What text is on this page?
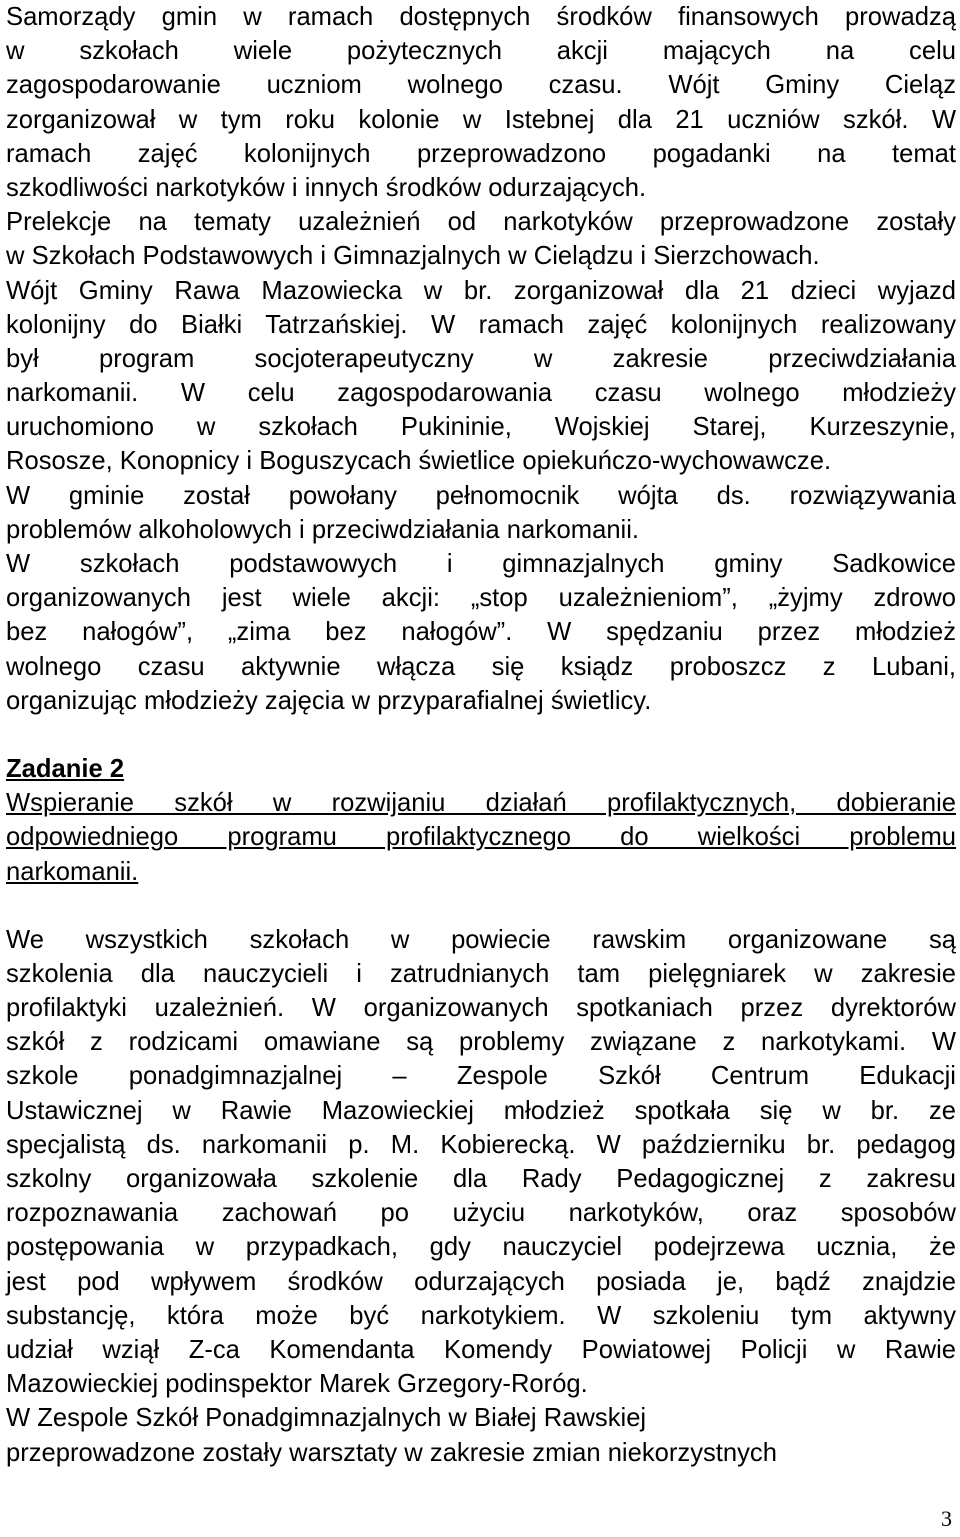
Samorządy gmin w ramach dostępnych środków finansowych prowadzą
w szkołach wiele pożytecznych akcji mających na celu
zagospodarowanie uczniom wolnego czasu. Wójt Gminy Cieląz
zorganizował w tym roku kolonie w Istebnej dla 21 uczniów szkół. W
ramach zajęć kolonijnych przeprowadzono pogadanki na temat
szkodliwości narkotyków i innych środków odurzających.
Prelekcje na tematy uzależnień od narkotyków przeprowadzone zostały
w Szkołach Podstawowych i Gimnazjalnych w Cielądzu i Sierzchowach.
Wójt Gminy Rawa Mazowiecka w br. zorganizował dla 21 dzieci wyjazd
kolonijny do Białki Tatrzańskiej. W ramach zajęć kolonijnych realizowany
był program socjoterapeutyczny w zakresie przeciwdziałania
narkomanii. W celu zagospodarowania czasu wolnego młodzieży
uruchomiono w szkołach Pukininie, Wojskiej Starej, Kurzeszynie,
Rososze, Konopnicy i Boguszycach świetlice opiekuńczo-wychowawcze.
W gminie został powołany pełnomocnik wójta ds. rozwiązywania
problemów alkoholowych i przeciwdziałania narkomanii.
W szkołach podstawowych i gimnazjalnych gminy Sadkowice
organizowanych jest wiele akcji: „stop uzależnieniom”, „żyjmy zdrowo
bez nałogów”, „zima bez nałogów”. W spędzaniu przez młodzież
wolnego czasu aktywnie włącza się ksiądz proboszcz z Lubani,
organizując młodzieży zajęcia w przyparafialnej świetlicy.
Zadanie 2
Wspieranie szkół w rozwijaniu działań profilaktycznych, dobieranie
odpowiedniego programu profilaktycznego do wielkości problemu
narkomanii.
We wszystkich szkołach w powiecie rawskim organizowane są
szkolenia dla nauczycieli i zatrudnianych tam pielęgniarek w zakresie
profilaktyki uzależnień. W organizowanych spotkaniach przez dyrektorów
szkół z rodzicami omawiane są problemy związane z narkotykami. W
szkole ponadgimnazjalnej – Zespole Szkół Centrum Edukacji
Ustawicznej w Rawie Mazowieckiej młodzież spotkała się w br. ze
specjalistą ds. narkomanii p. M. Kobierecką. W październiku br. pedagog
szkolny organizowała szkolenie dla Rady Pedagogicznej z zakresu
rozpoznawania zachowań po użyciu narkotyków, oraz sposobów
postępowania w przypadkach, gdy nauczyciel podejrzewa ucznia, że
jest pod wpływem środków odurzających posiada je, bądź znajdzie
substancję, która może być narkotykiem. W szkoleniu tym aktywny
udział wziął Z-ca Komendanta Komendy Powiatowej Policji w Rawie
Mazowieckiej podinspektor Marek Grzegory-Roróg.
W Zespole Szkół Ponadgimnazjalnych w Białej Rawskiej
przeprowadzone zostały warsztaty w zakresie zmian niekorzystnych
3
